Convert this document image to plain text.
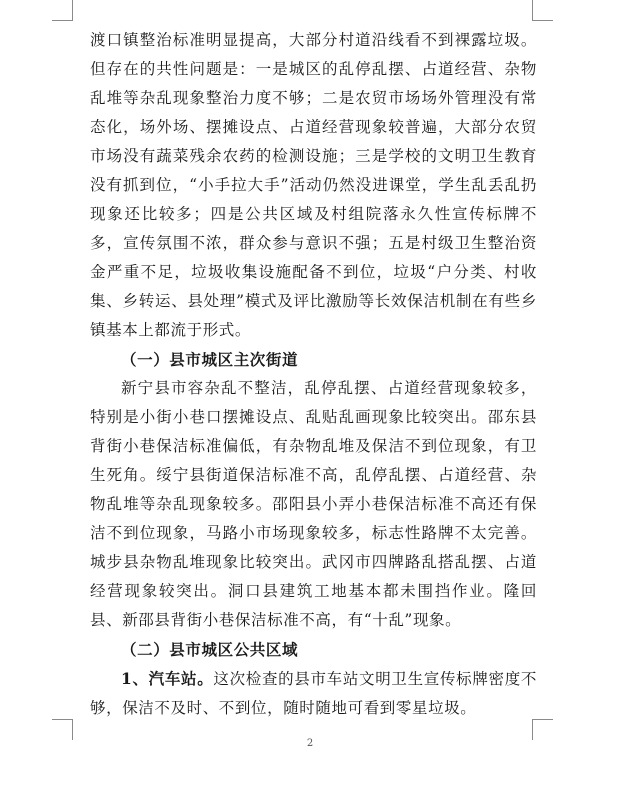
渡口镇整治标准明显提高，大部分村道沿线看不到裸露垃圾。但存在的共性问题是：一是城区的乱停乱摆、占道经营、杂物乱堆等杂乱现象整治力度不够；二是农贸市场场外管理没有常态化，场外场、摆摊设点、占道经营现象较普遍，大部分农贸市场没有蔬菜残余农药的检测设施；三是学校的文明卫生教育没有抓到位，“小手拉大手”活动仍然没进课堂，学生乱丢乱扔现象还比较多；四是公共区域及村组院落永久性宣传标牌不多，宣传氛围不浓，群众参与意识不强；五是村级卫生整治资金严重不足，垃圾收集设施配备不到位，垃圾“户分类、村收集、乡转运、县处理”模式及评比激励等长效保洁机制在有些乡镇基本上都流于形式。

（一）县市城区主次街道

新宁县市容杂乱不整洁，乱停乱摆、占道经营现象较多，特别是小街小巷口摆摊设点、乱贴乱画现象比较突出。邵东县背街小巷保洁标准偏低，有杂物乱堆及保洁不到位现象，有卫生死角。绥宁县街道保洁标准不高，乱停乱摆、占道经营、杂物乱堆等杂乱现象较多。邵阳县小弄小巷保洁标准不高还有保洁不到位现象，马路小市场现象较多，标志性路牌不太完善。城步县杂物乱堆现象比较突出。武冈市四牌路乱搭乱摆、占道经营现象较突出。洞口县建筑工地基本都未围挡作业。隆回县、新邵县背街小巷保洁标准不高，有“十乱”现象。

（二）县市城区公共区域

1、汽车站。这次检查的县市车站文明卫生宣传标牌密度不够，保洁不及时、不到位，随时随地可看到零星垃圾。

2
